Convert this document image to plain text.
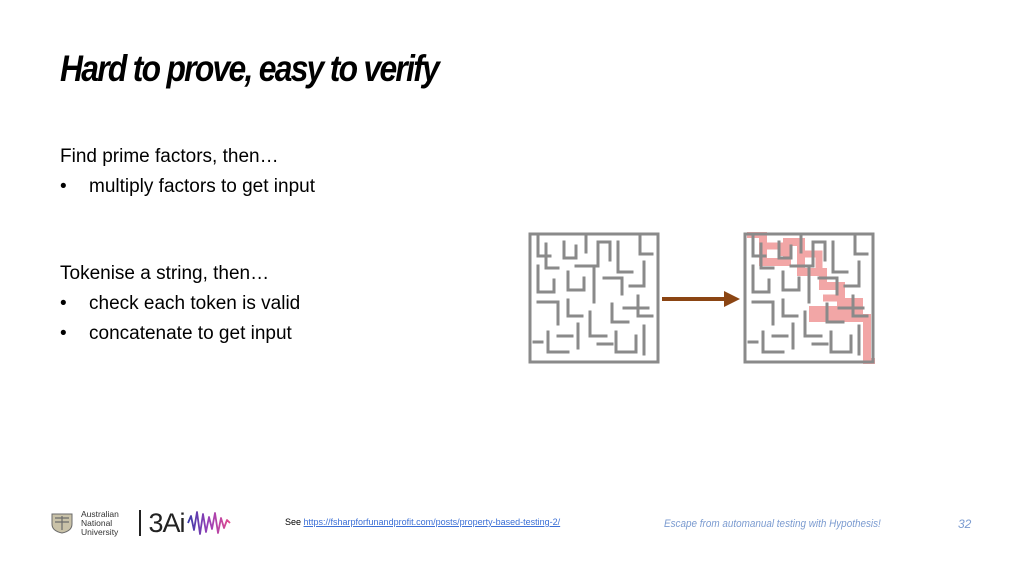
Hard to prove, easy to verify
Find prime factors, then…
•	multiply factors to get input
Tokenise a string, then…
•	check each token is valid
•	concatenate to get input
Australian
National
University	3Ai	See https://fsharpforfunandprofit.com/posts/property-based-testing-2/	Escape from automanual testing with Hypothesis!	32
